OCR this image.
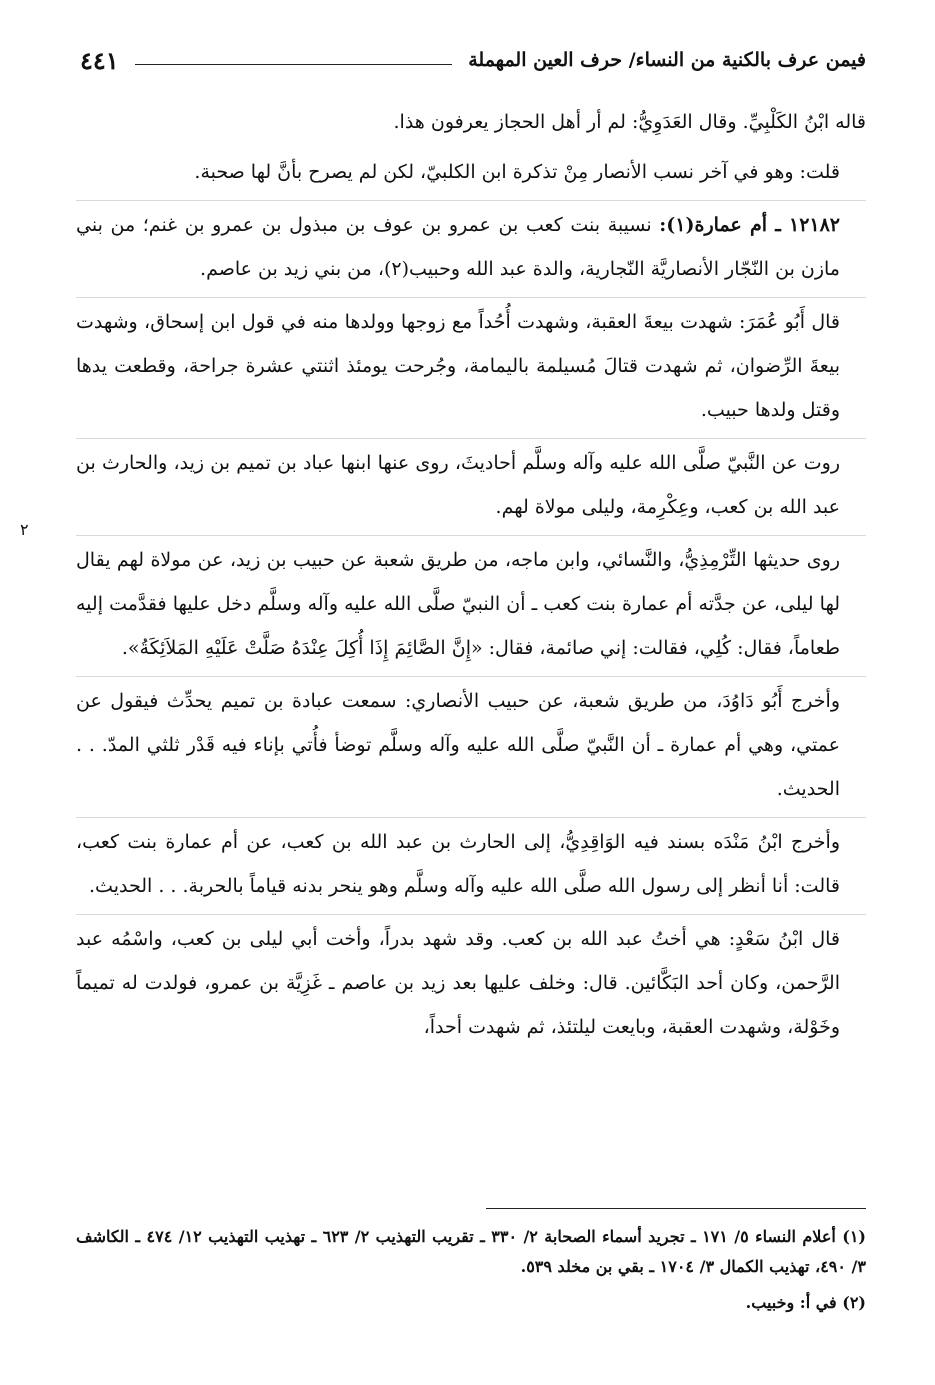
فيمن عرف بالكنية من النساء/ حرف العين المهملة
٤٤١
٢

قاله ابْنُ الكَلْبِيِّ. وقال العَدَوِيُّ: لم أر أهل الحجاز يعرفون هذا.

قلت: وهو في آخر نسب الأنصار مِنْ تذكرة ابن الكلبيّ، لكن لم يصرح بأنَّ لها صحبة.

١٢١٨٢ ـ أم عمارة(١): نسيبة بنت كعب بن عمرو بن عوف بن مبذول بن عمرو بن غنم؛ من بني مازن بن النّجّار الأنصاريَّة النّجارية، والدة عبد الله وحبيب(٢)، من بني زيد بن عاصم.

قال أَبُو عُمَرَ: شهدت بيعةَ العقبة، وشهدت أُحُداً مع زوجها وولدها منه في قول ابن إسحاق، وشهدت بيعةَ الرِّضوان، ثم شهدت قتالَ مُسيلمة باليمامة، وجُرحت يومئذ اثنتي عشرة جراحة، وقطعت يدها وقتل ولدها حبيب.

روت عن النَّبيّ صلَّى الله عليه وآله وسلَّم أحاديثَ، روى عنها ابنها عباد بن تميم بن زيد، والحارث بن عبد الله بن كعب، وعِكْرِمة، وليلى مولاة لهم.

روى حديثها التِّرْمِذِيُّ، والنَّسائي، وابن ماجه، من طريق شعبة عن حبيب بن زيد، عن مولاة لهم يقال لها ليلى، عن جدَّته أم عمارة بنت كعب ـ أن النبيّ صلَّى الله عليه وآله وسلَّم دخل عليها فقدَّمت إليه طعاماً، فقال: كُلِي، فقالت: إني صائمة، فقال: «إِنَّ الصَّائِمَ إِذَا أُكِلَ عِنْدَهُ صَلَّتْ عَلَيْهِ المَلاَئِكَةُ».

وأخرج أَبُو دَاوُدَ، من طريق شعبة، عن حبيب الأنصاري: سمعت عبادة بن تميم يحدِّث فيقول عن عمتي، وهي أم عمارة ـ أن النَّبيّ صلَّى الله عليه وآله وسلَّم توضأ فأُتي بإناء فيه قَدْر ثلثي المدّ. . . الحديث.

وأخرج ابْنُ مَنْدَه بسند فيه الوَاقِدِيُّ، إلى الحارث بن عبد الله بن كعب، عن أم عمارة بنت كعب، قالت: أنا أنظر إلى رسول الله صلَّى الله عليه وآله وسلَّم وهو ينحر بدنه قياماً بالحربة. . . الحديث.

قال ابْنُ سَعْدٍ: هي أختُ عبد الله بن كعب. وقد شهد بدراً، وأخت أبي ليلى بن كعب، واسْمُه عبد الرَّحمن، وكان أحد البَكَّائين. قال: وخلف عليها بعد زيد بن عاصم ـ غَزِيَّة بن عمرو، فولدت له تميماً وخَوْلة، وشهدت العقبة، وبايعت ليلتئذ، ثم شهدت أحداً،

(١) أعلام النساء ٥/ ١٧١ ـ تجريد أسماء الصحابة ٢/ ٣٣٠ ـ تقريب التهذيب ٢/ ٦٢٣ ـ تهذيب التهذيب ١٢/ ٤٧٤ ـ الكاشف ٣/ ٤٩٠، تهذيب الكمال ٣/ ١٧٠٤ ـ بقي بن مخلد ٥٣٩.

(٢) في أ: وخبيب.
